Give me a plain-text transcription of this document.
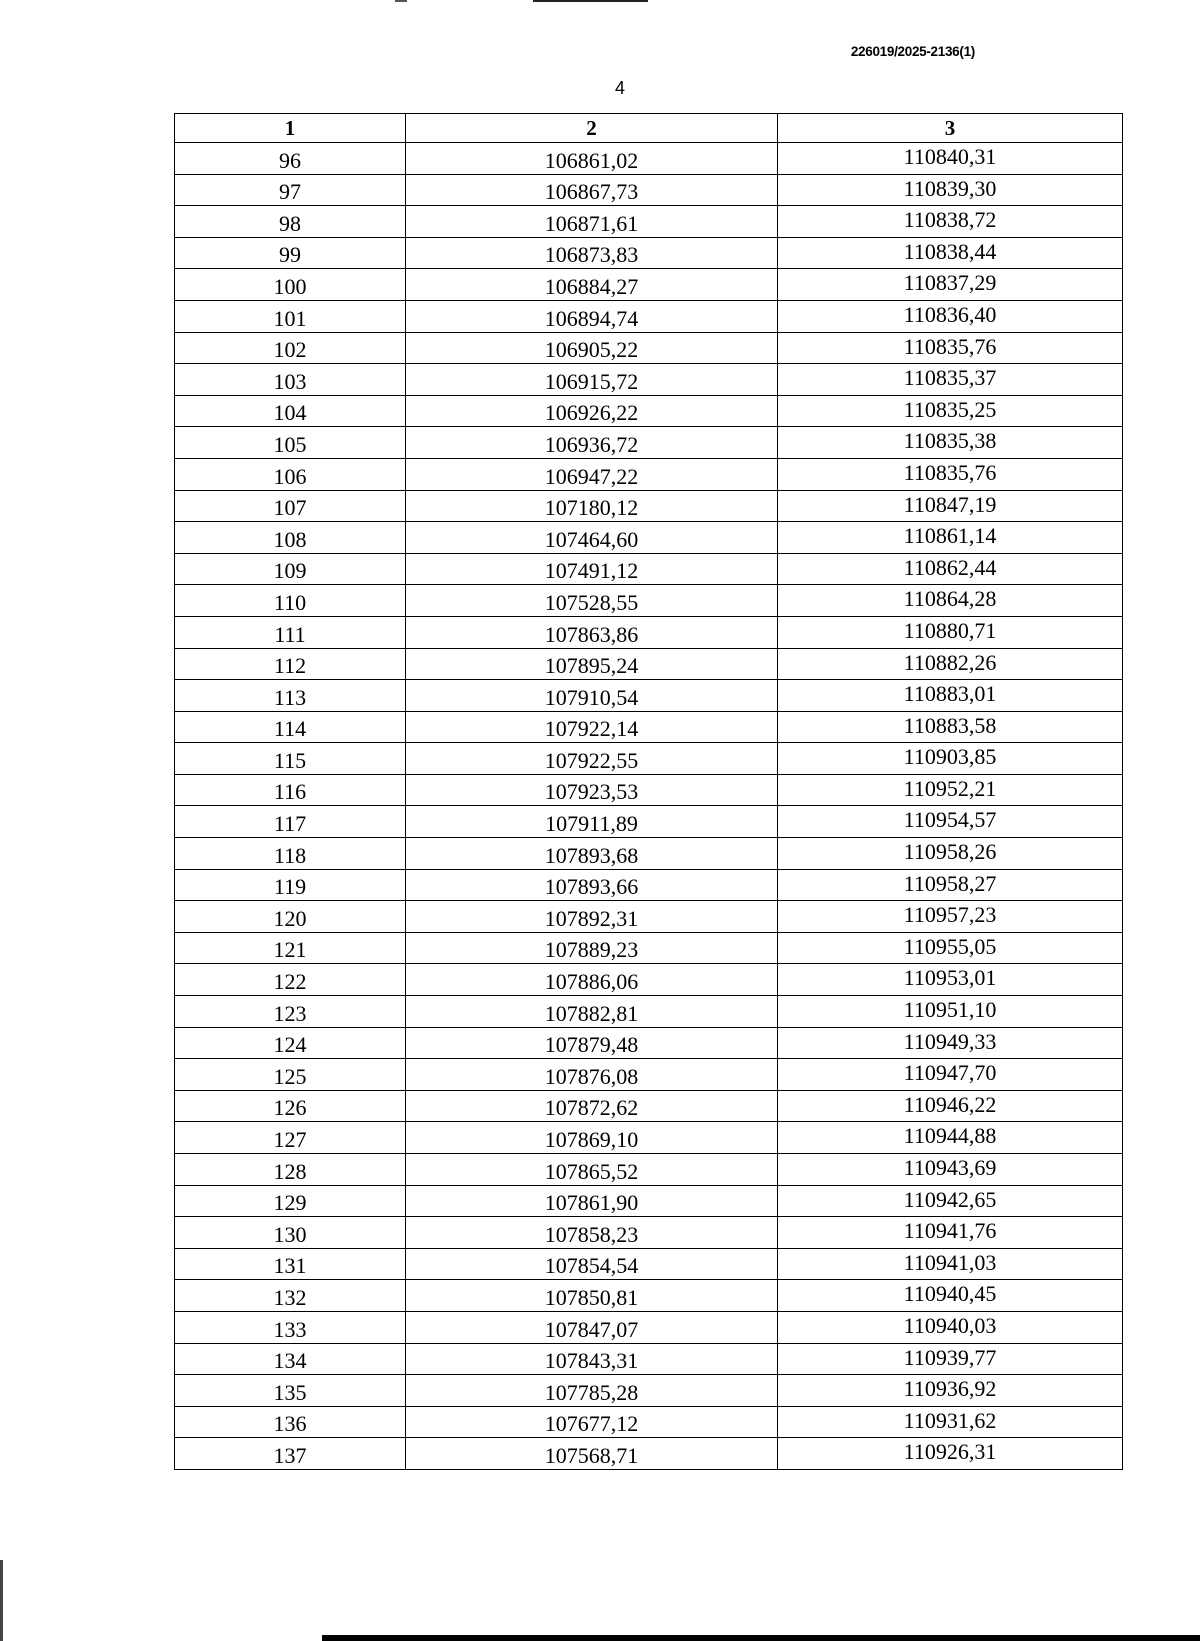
226019/2025-2136(1)
4
1	2	3
96	106861,02	110840,31
97	106867,73	110839,30
98	106871,61	110838,72
99	106873,83	110838,44
100	106884,27	110837,29
101	106894,74	110836,40
102	106905,22	110835,76
103	106915,72	110835,37
104	106926,22	110835,25
105	106936,72	110835,38
106	106947,22	110835,76
107	107180,12	110847,19
108	107464,60	110861,14
109	107491,12	110862,44
110	107528,55	110864,28
111	107863,86	110880,71
112	107895,24	110882,26
113	107910,54	110883,01
114	107922,14	110883,58
115	107922,55	110903,85
116	107923,53	110952,21
117	107911,89	110954,57
118	107893,68	110958,26
119	107893,66	110958,27
120	107892,31	110957,23
121	107889,23	110955,05
122	107886,06	110953,01
123	107882,81	110951,10
124	107879,48	110949,33
125	107876,08	110947,70
126	107872,62	110946,22
127	107869,10	110944,88
128	107865,52	110943,69
129	107861,90	110942,65
130	107858,23	110941,76
131	107854,54	110941,03
132	107850,81	110940,45
133	107847,07	110940,03
134	107843,31	110939,77
135	107785,28	110936,92
136	107677,12	110931,62
137	107568,71	110926,31
